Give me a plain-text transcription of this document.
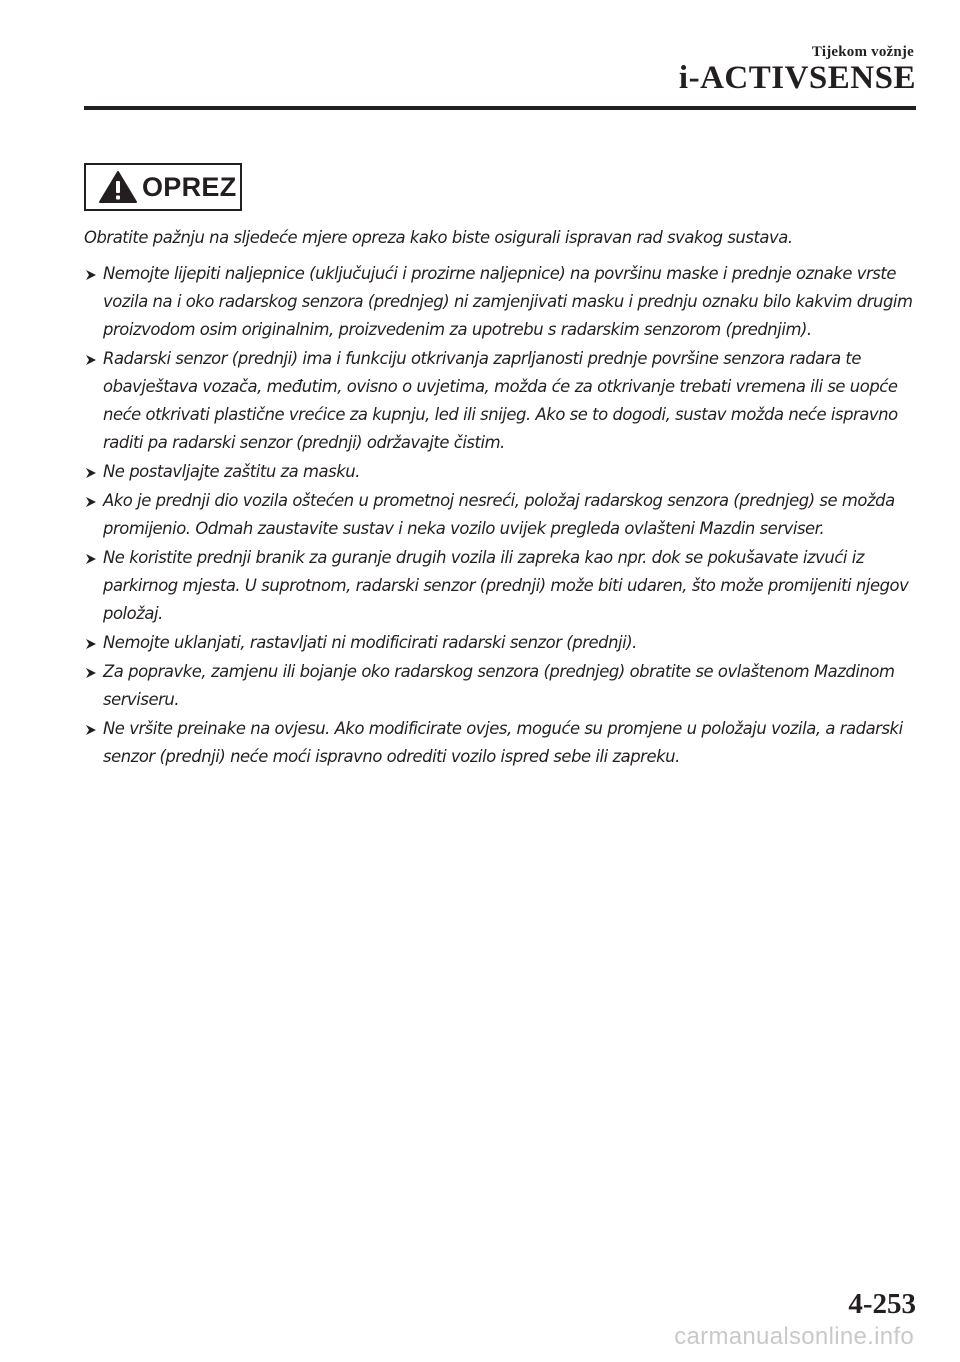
Tijekom vožnje
i-ACTIVSENSE
OPREZ

Obratite pažnju na sljedeće mjere opreza kako biste osigurali ispravan rad svakog sustava.

Nemojte lijepiti naljepnice (uključujući i prozirne naljepnice) na površinu maske i prednje oznake vrste vozila na i oko radarskog senzora (prednjeg) ni zamjenjivati masku i prednju oznaku bilo kakvim drugim proizvodom osim originalnim, proizvedenim za upotrebu s radarskim senzorom (prednjim).
Radarski senzor (prednji) ima i funkciju otkrivanja zaprljanosti prednje površine senzora radara te obavještava vozača, međutim, ovisno o uvjetima, možda će za otkrivanje trebati vremena ili se uopće neće otkrivati plastične vrećice za kupnju, led ili snijeg. Ako se to dogodi, sustav možda neće ispravno raditi pa radarski senzor (prednji) održavajte čistim.
Ne postavljajte zaštitu za masku.
Ako je prednji dio vozila oštećen u prometnoj nesreći, položaj radarskog senzora (prednjeg) se možda promijenio. Odmah zaustavite sustav i neka vozilo uvijek pregleda ovlašteni Mazdin serviser.
Ne koristite prednji branik za guranje drugih vozila ili zapreka kao npr. dok se pokušavate izvući iz parkirnog mjesta. U suprotnom, radarski senzor (prednji) može biti udaren, što može promijeniti njegov položaj.
Nemojte uklanjati, rastavljati ni modificirati radarski senzor (prednji).
Za popravke, zamjenu ili bojanje oko radarskog senzora (prednjeg) obratite se ovlaštenom Mazdinom serviseru.
Ne vršite preinake na ovjesu. Ako modificirate ovjes, moguće su promjene u položaju vozila, a radarski senzor (prednji) neće moći ispravno odrediti vozilo ispred sebe ili zapreku.
4-253
carmanualsonline.info
